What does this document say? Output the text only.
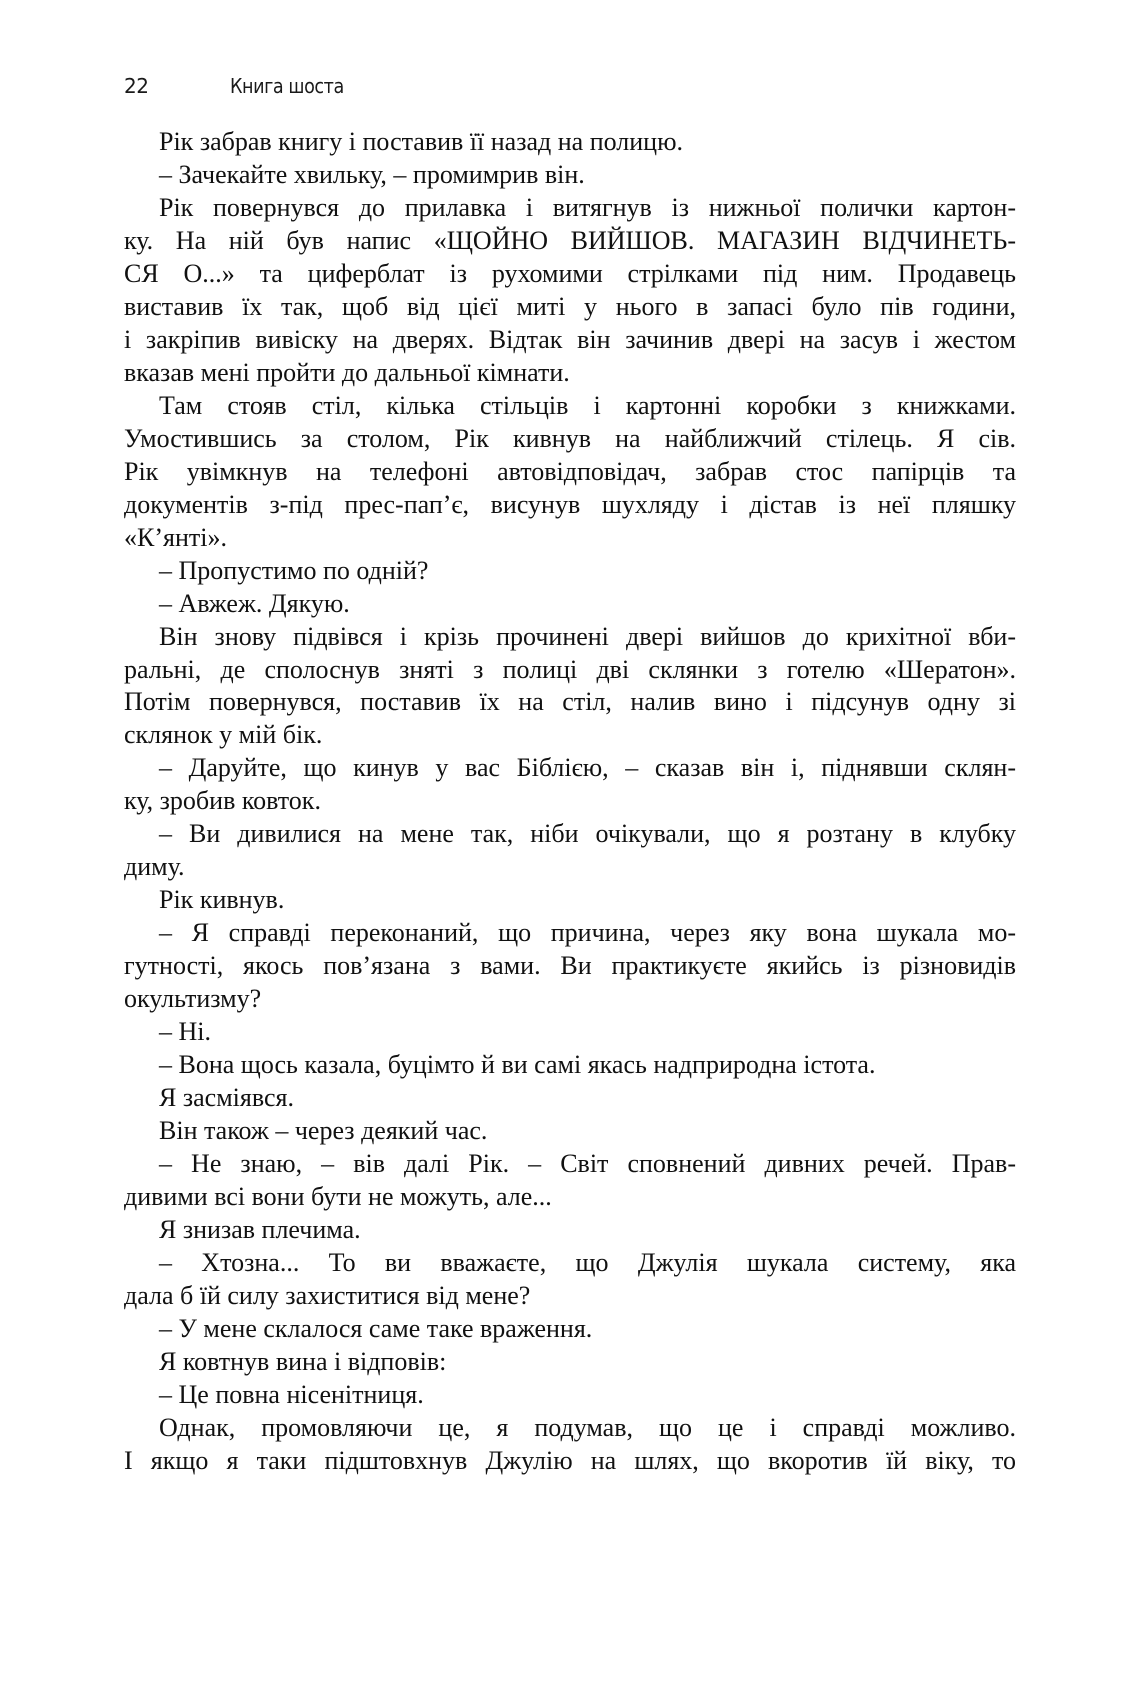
22	Книга шоста
Рік забрав книгу і поставив її назад на полицю.
– Зачекайте хвильку, – промимрив він.
Рік повернувся до прилавка і витягнув із нижньої полички картон-
ку. На ній був напис «ЩОЙНО ВИЙШОВ. МАГАЗИН ВІДЧИНЕТЬ-
СЯ О...» та циферблат із рухомими стрілками під ним. Продавець
виставив їх так, щоб від цієї миті у нього в запасі було пів години,
і закріпив вивіску на дверях. Відтак він зачинив двері на засув і жестом
вказав мені пройти до дальньої кімнати.
Там стояв стіл, кілька стільців і картонні коробки з книжками.
Умостившись за столом, Рік кивнув на найближчий стілець. Я сів.
Рік увімкнув на телефоні автовідповідач, забрав стос папірців та
документів з-під прес-пап’є, висунув шухляду і дістав із неї пляшку
«К’янті».
– Пропустимо по одній?
– Авжеж. Дякую.
Він знову підвівся і крізь прочинені двері вийшов до крихітної вби-
ральні, де сполоснув зняті з полиці дві склянки з готелю «Шератон».
Потім повернувся, поставив їх на стіл, налив вино і підсунув одну зі
склянок у мій бік.
– Даруйте, що кинув у вас Біблією, – сказав він і, піднявши склян-
ку, зробив ковток.
– Ви дивилися на мене так, ніби очікували, що я розтану в клубку
диму.
Рік кивнув.
– Я справді переконаний, що причина, через яку вона шукала мо-
гутності, якось пов’язана з вами. Ви практикуєте якийсь із різновидів
окультизму?
– Ні.
– Вона щось казала, буцімто й ви самі якась надприродна істота.
Я засміявся.
Він також – через деякий час.
– Не знаю, – вів далі Рік. – Світ сповнений дивних речей. Прав-
дивими всі вони бути не можуть, але...
Я знизав плечима.
– Хтозна... То ви вважаєте, що Джулія шукала систему, яка
дала б їй силу захиститися від мене?
– У мене склалося саме таке враження.
Я ковтнув вина і відповів:
– Це повна нісенітниця.
Однак, промовляючи це, я подумав, що це і справді можливо.
І якщо я таки підштовхнув Джулію на шлях, що вкоротив їй віку, то
